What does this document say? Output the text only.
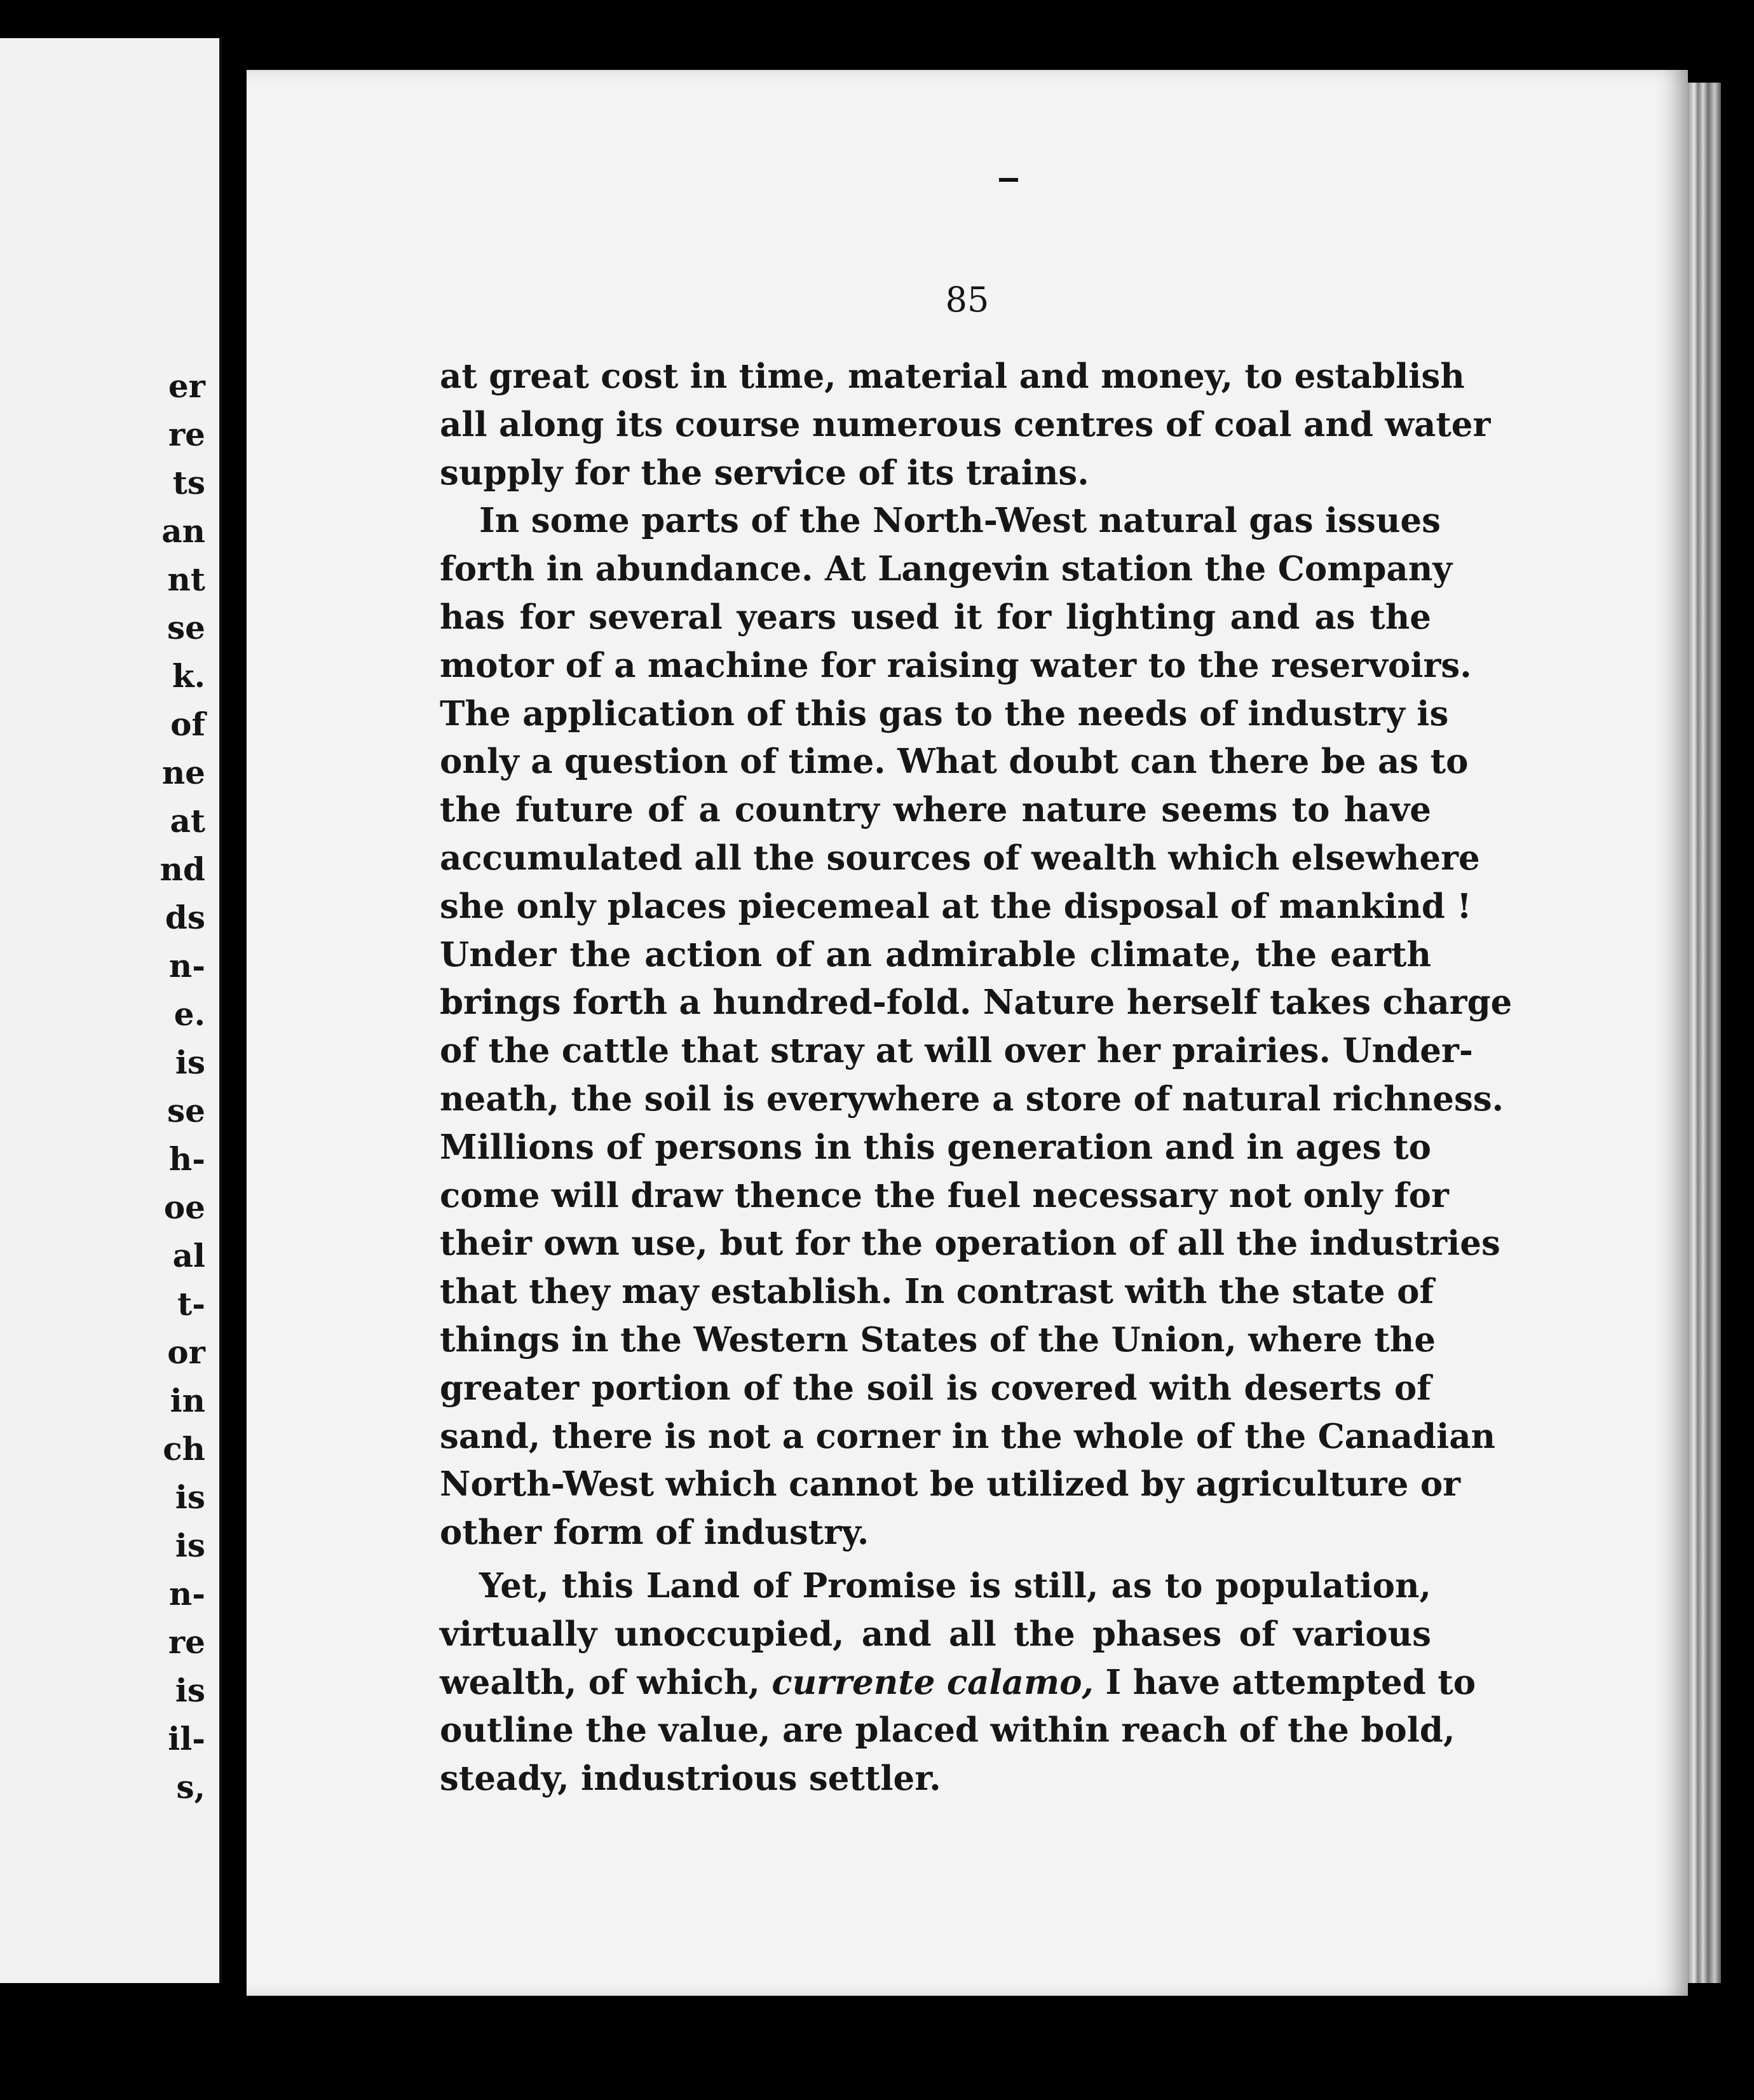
er
re
ts
an
nt
se
k.
of
ne
at
nd
ds
n-
e.
is
se
h-
oe
al
t-
or
in
ch
is
is
n-
re
is
il-
s,
85
at great cost in time, material and money, to establish
all along its course numerous centres of coal and water
supply for the service of its trains.
In some parts of the North-West natural gas issues
forth in abundance. At Langevin station the Company
has for several years used it for lighting and as the
motor of a machine for raising water to the reservoirs.
The application of this gas to the needs of industry is
only a question of time. What doubt can there be as to
the future of a country where nature seems to have
accumulated all the sources of wealth which elsewhere
she only places piecemeal at the disposal of mankind !
Under the action of an admirable climate, the earth
brings forth a hundred-fold. Nature herself takes charge
of the cattle that stray at will over her prairies. Under-
neath, the soil is everywhere a store of natural richness.
Millions of persons in this generation and in ages to
come will draw thence the fuel necessary not only for
their own use, but for the operation of all the industries
that they may establish. In contrast with the state of
things in the Western States of the Union, where the
greater portion of the soil is covered with deserts of
sand, there is not a corner in the whole of the Canadian
North-West which cannot be utilized by agriculture or
other form of industry.
Yet, this Land of Promise is still, as to population,
virtually unoccupied, and all the phases of various
wealth, of which, currente calamo, I have attempted to
outline the value, are placed within reach of the bold,
steady, industrious settler.
